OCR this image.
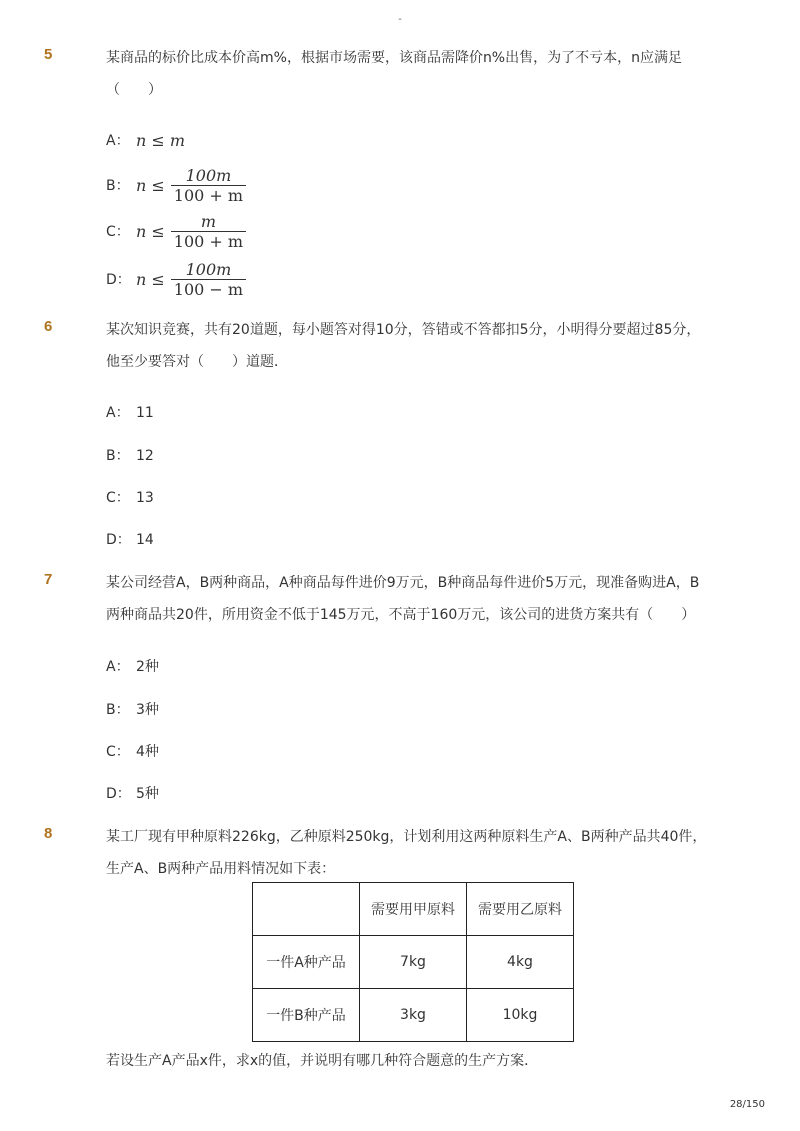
-
5	某商品的标价比成本价高m%，根据市场需要，该商品需降价n%出售，为了不亏本，n应满足
（　　）
A： n ≤ m
B： $n \le \frac{100m}{100 + m}$
C： $n \le \frac{m}{100 + m}$
D： $n \le \frac{100m}{100 - m}$
6	某次知识竞赛，共有20道题，每小题答对得10分，答错或不答都扣5分，小明得分要超过85分，
他至少要答对（　　）道题．
A： 11
B： 12
C： 13
D： 14
7	某公司经营A，B两种商品，A种商品每件进价9万元，B种商品每件进价5万元，现准备购进A，B
两种商品共20件，所用资金不低于145万元，不高于160万元，该公司的进货方案共有（　　）
A： 2种
B： 3种
C： 4种
D： 5种
8	某工厂现有甲种原料226kg，乙种原料250kg，计划利用这两种原料生产A、B两种产品共40件，
生产A、B两种产品用料情况如下表：
	需要用甲原料	需要用乙原料
一件A种产品	7kg	4kg
一件B种产品	3kg	10kg
若设生产A产品x件，求x的值，并说明有哪几种符合题意的生产方案．
28/150
